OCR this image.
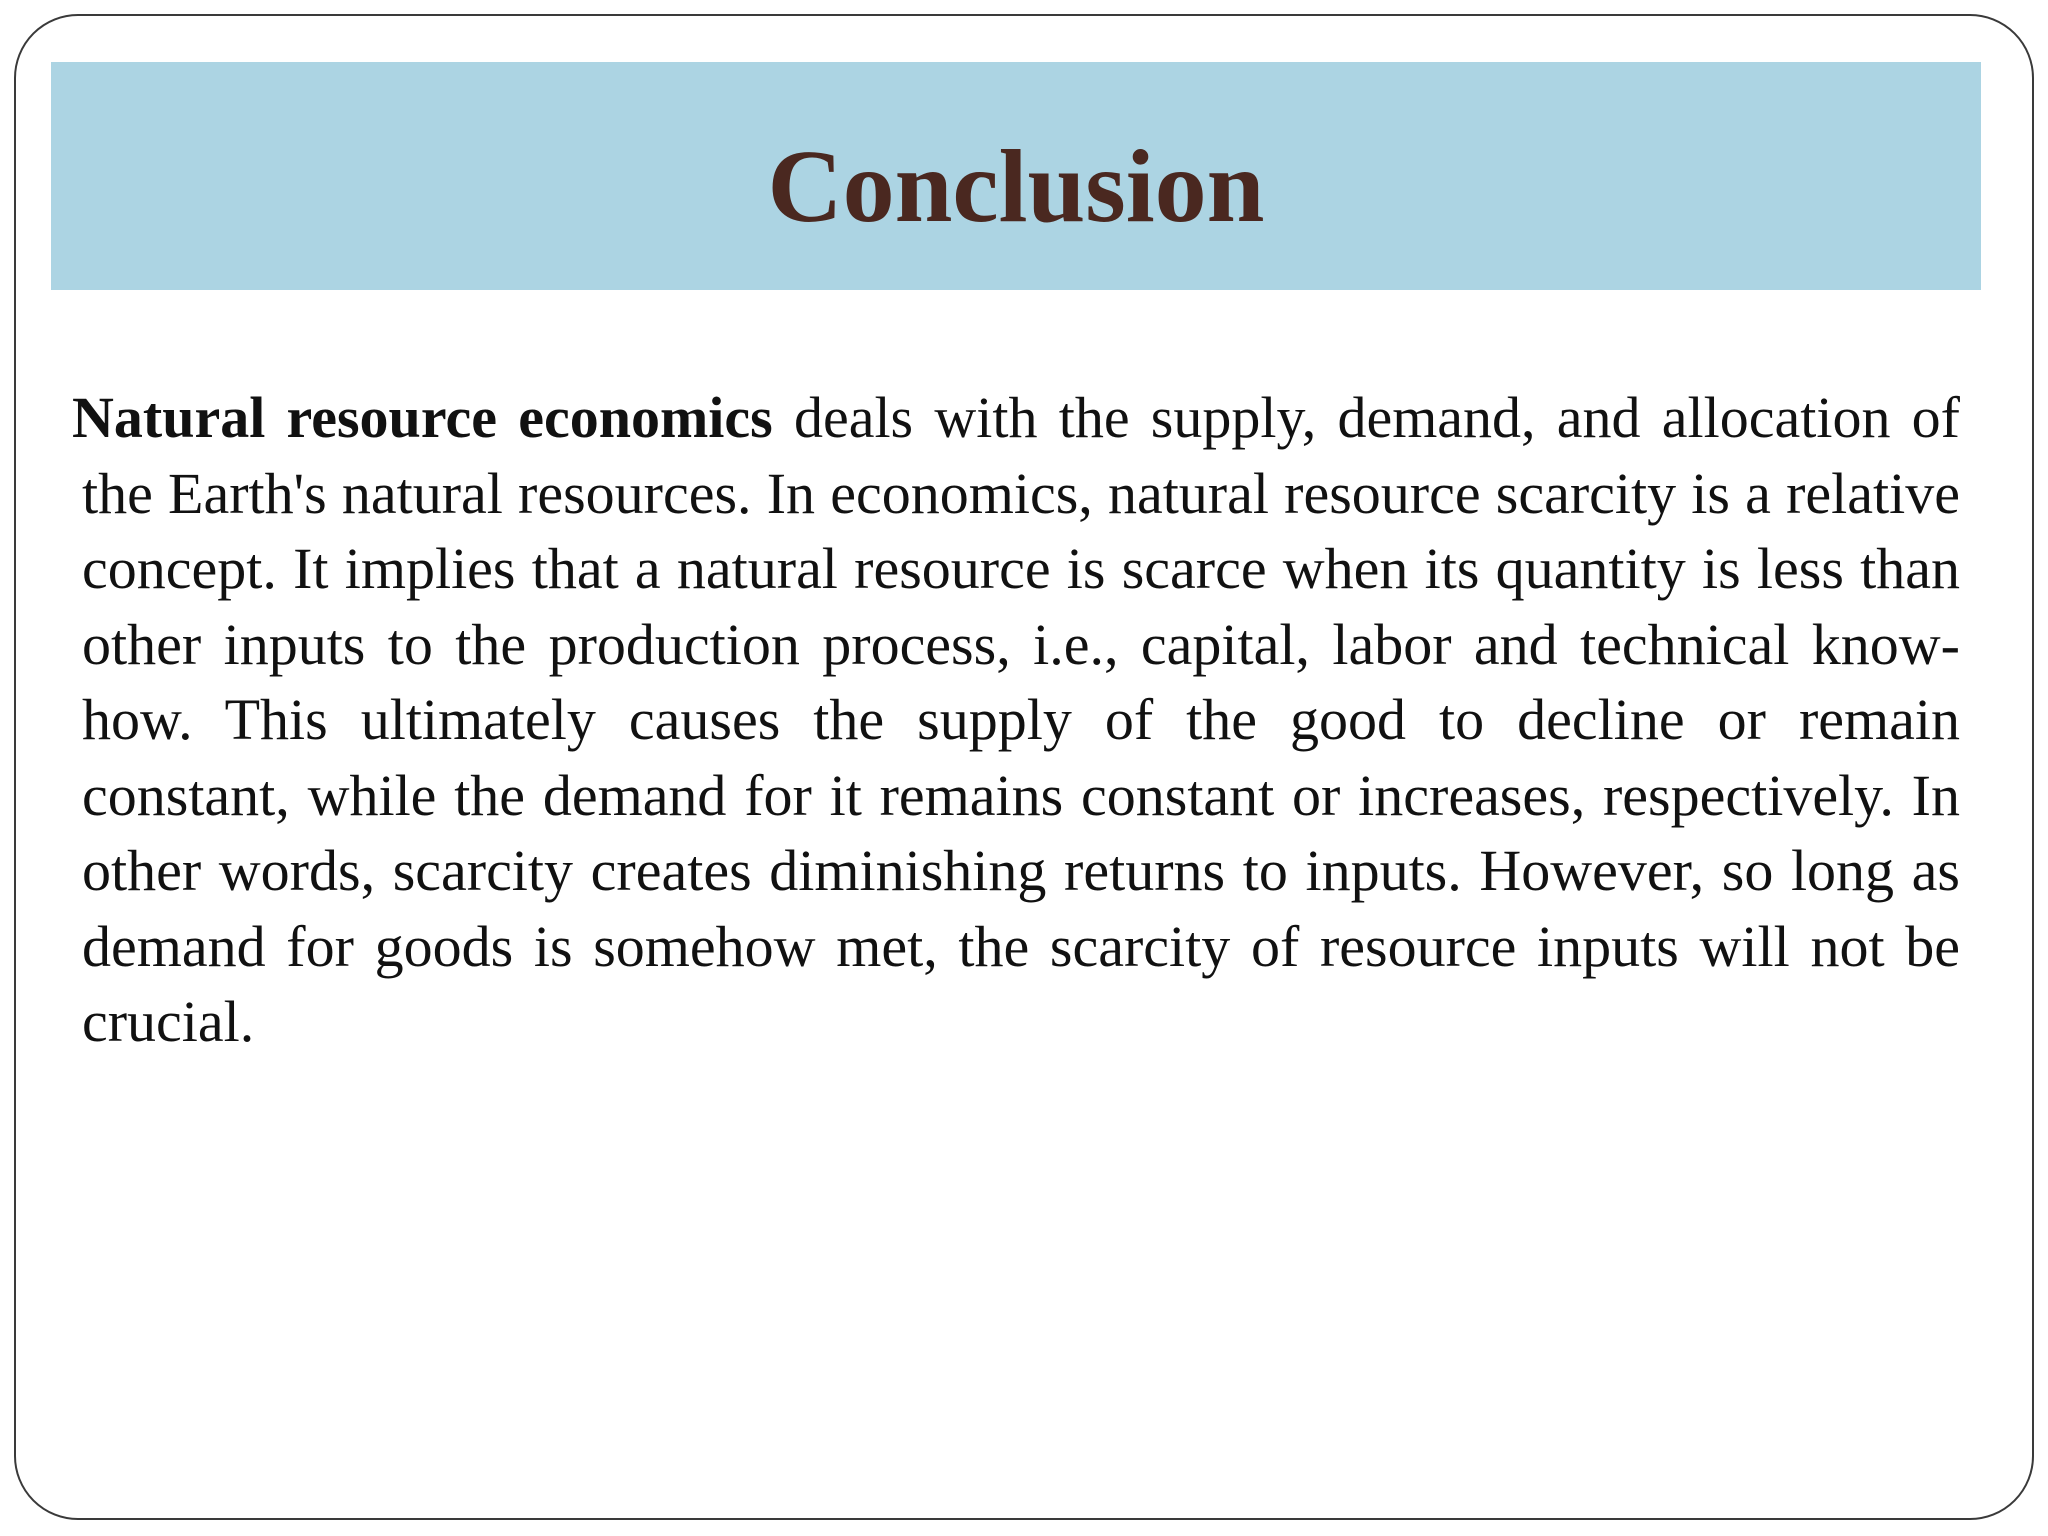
Conclusion

Natural resource economics deals with the supply, demand, and allocation of the Earth's natural resources. In economics, natural resource scarcity is a relative concept. It implies that a natural resource is scarce when its quantity is less than other inputs to the production process, i.e., capital, labor and technical know-how. This ultimately causes the supply of the good to decline or remain constant, while the demand for it remains constant or increases, respectively. In other words, scarcity creates diminishing returns to inputs. However, so long as demand for goods is somehow met, the scarcity of resource inputs will not be crucial.
